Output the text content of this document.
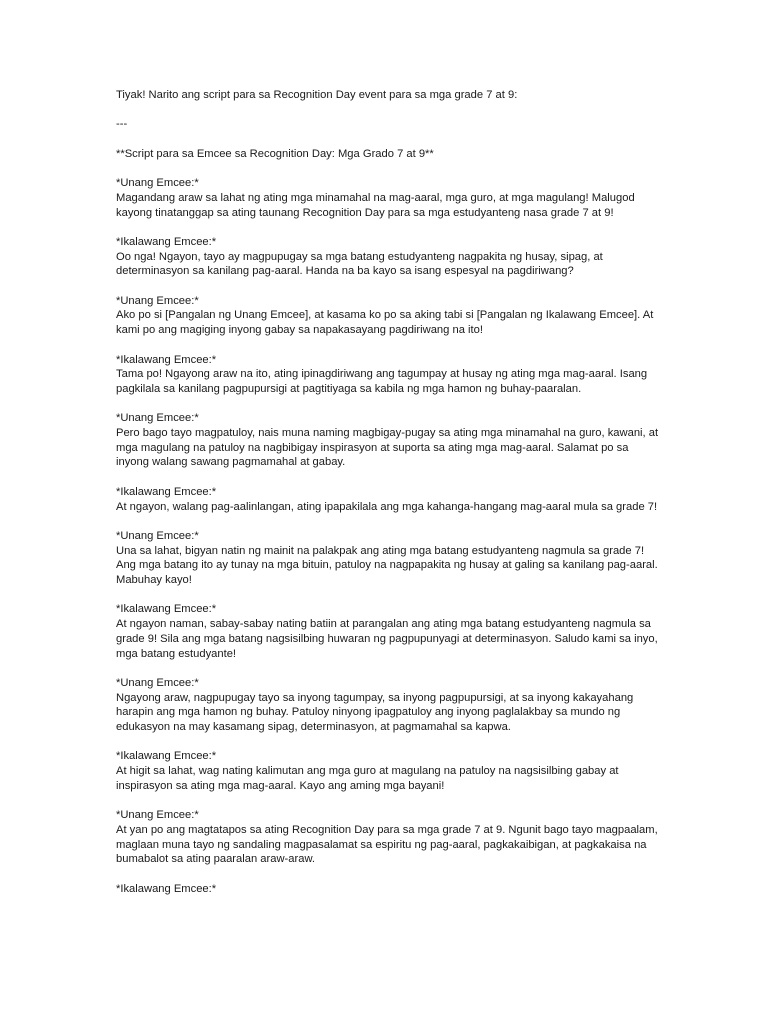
Tiyak! Narito ang script para sa Recognition Day event para sa mga grade 7 at 9:

---

**Script para sa Emcee sa Recognition Day: Mga Grado 7 at 9**

*Unang Emcee:*
Magandang araw sa lahat ng ating mga minamahal na mag-aaral, mga guro, at mga magulang! Malugod kayong tinatanggap sa ating taunang Recognition Day para sa mga estudyanteng nasa grade 7 at 9!
*Ikalawang Emcee:*
Oo nga! Ngayon, tayo ay magpupugay sa mga batang estudyanteng nagpakita ng husay, sipag, at determinasyon sa kanilang pag-aaral. Handa na ba kayo sa isang espesyal na pagdiriwang?
*Unang Emcee:*
Ako po si [Pangalan ng Unang Emcee], at kasama ko po sa aking tabi si [Pangalan ng Ikalawang Emcee]. At kami po ang magiging inyong gabay sa napakasayang pagdiriwang na ito!
*Ikalawang Emcee:*
Tama po! Ngayong araw na ito, ating ipinagdiriwang ang tagumpay at husay ng ating mga mag-aaral. Isang pagkilala sa kanilang pagpupursigi at pagtitiyaga sa kabila ng mga hamon ng buhay-paaralan.
*Unang Emcee:*
Pero bago tayo magpatuloy, nais muna naming magbigay-pugay sa ating mga minamahal na guro, kawani, at mga magulang na patuloy na nagbibigay inspirasyon at suporta sa ating mga mag-aaral. Salamat po sa inyong walang sawang pagmamahal at gabay.
*Ikalawang Emcee:*
At ngayon, walang pag-aalinlangan, ating ipapakilala ang mga kahanga-hangang mag-aaral mula sa grade 7!
*Unang Emcee:*
Una sa lahat, bigyan natin ng mainit na palakpak ang ating mga batang estudyanteng nagmula sa grade 7! Ang mga batang ito ay tunay na mga bituin, patuloy na nagpapakita ng husay at galing sa kanilang pag-aaral. Mabuhay kayo!
*Ikalawang Emcee:*
At ngayon naman, sabay-sabay nating batiin at parangalan ang ating mga batang estudyanteng nagmula sa grade 9! Sila ang mga batang nagsisilbing huwaran ng pagpupunyagi at determinasyon. Saludo kami sa inyo, mga batang estudyante!
*Unang Emcee:*
Ngayong araw, nagpupugay tayo sa inyong tagumpay, sa inyong pagpupursigi, at sa inyong kakayahang harapin ang mga hamon ng buhay. Patuloy ninyong ipagpatuloy ang inyong paglalakbay sa mundo ng edukasyon na may kasamang sipag, determinasyon, at pagmamahal sa kapwa.
*Ikalawang Emcee:*
At higit sa lahat, wag nating kalimutan ang mga guro at magulang na patuloy na nagsisilbing gabay at inspirasyon sa ating mga mag-aaral. Kayo ang aming mga bayani!
*Unang Emcee:*
At yan po ang magtatapos sa ating Recognition Day para sa mga grade 7 at 9. Ngunit bago tayo magpaalam, maglaan muna tayo ng sandaling magpasalamat sa espiritu ng pag-aaral, pagkakaibigan, at pagkakaisa na bumabalot sa ating paaralan araw-araw.
*Ikalawang Emcee:*
